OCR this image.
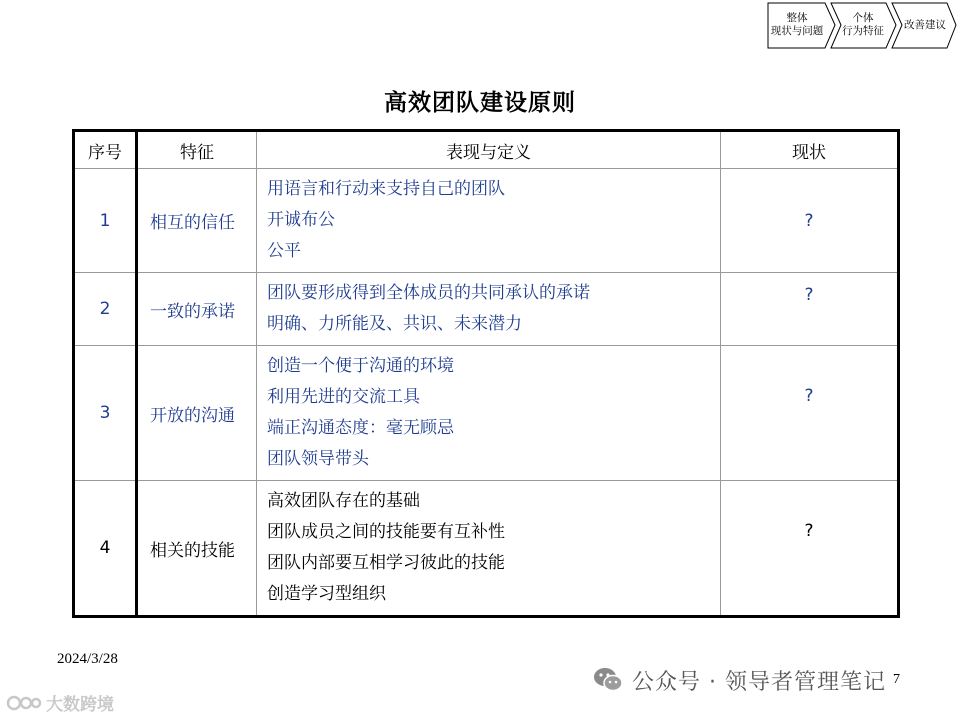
整体
现状与问题
个体
行为特征
改善建议
高效团队建设原则
序号	特征	表现与定义	现状
1	相互的信任	用语言和行动来支持自己的团队
开诚布公
公平	?
2	一致的承诺	团队要形成得到全体成员的共同承认的承诺
明确、力所能及、共识、未来潜力	?
3	开放的沟通	创造一个便于沟通的环境
利用先进的交流工具
端正沟通态度：毫无顾忌
团队领导带头	?
4	相关的技能	高效团队存在的基础
团队成员之间的技能要有互补性
团队内部要互相学习彼此的技能
创造学习型组织	?
2024/3/28
7
公众号 · 领导者管理笔记
大数跨境
